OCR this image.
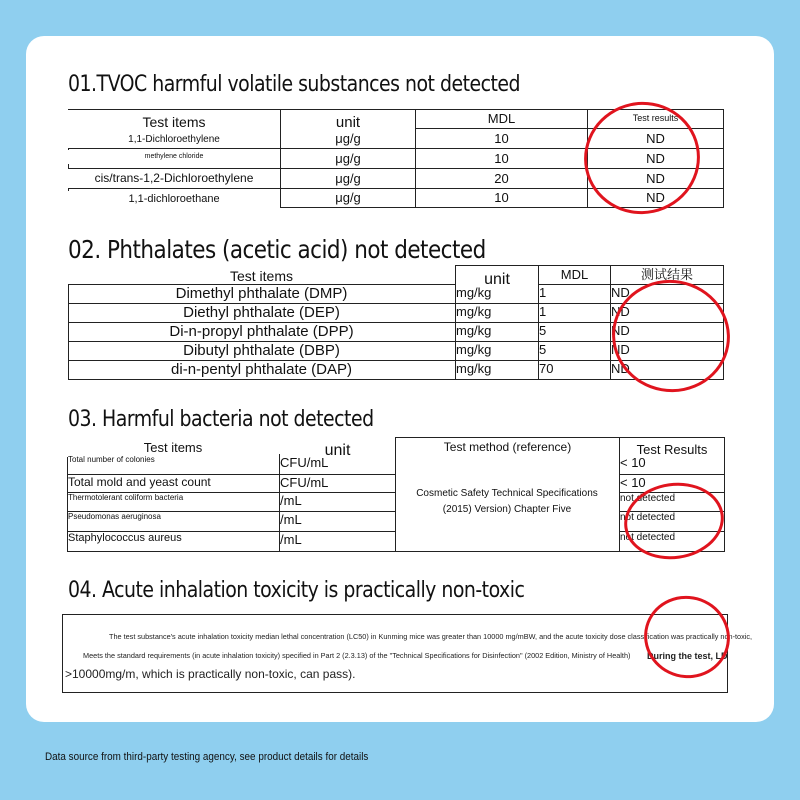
01.TVOC harmful volatile substances not detected
Test items	unit	MDL	Test results
1,1-Dichloroethylene	μg/g	10	ND
methylene chloride	μg/g	10	ND
cis/trans-1,2-Dichloroethylene	μg/g	20	ND
1,1-dichloroethane	μg/g	10	ND
02. Phthalates (acetic acid) not detected
Test items	unit	MDL	测试结果
Dimethyl phthalate (DMP)	mg/kg	1	ND
Diethyl phthalate (DEP)	mg/kg	1	ND
Di-n-propyl phthalate (DPP)	mg/kg	5	ND
Dibutyl phthalate (DBP)	mg/kg	5	ND
di-n-pentyl phthalate (DAP)	mg/kg	70	ND
03. Harmful bacteria not detected
Test items	unit	Test method (reference)	Test Results
Cosmetic Safety Technical Specifications (2015) Version) Chapter Five
Total number of colonies	CFU/mL	< 10
Total mold and yeast count	CFU/mL	< 10
Thermotolerant coliform bacteria	/mL	not detected
Pseudomonas aeruginosa	/mL	not detected
Staphylococcus aureus	/mL	not detected
04. Acute inhalation toxicity is practically non-toxic
The test substance's acute inhalation toxicity median lethal concentration (LC50) in Kunming mice was greater than 10000 mg/mBW, and the acute toxicity dose classification was practically non-toxic,
Meets the standard requirements (in acute inhalation toxicity) specified in Part 2 (2.3.13) of the "Technical Specifications for Disinfection" (2002 Edition, Ministry of Health) During the test, LD
>10000mg/m, which is practically non-toxic, can pass).
Data source from third-party testing agency, see product details for details
